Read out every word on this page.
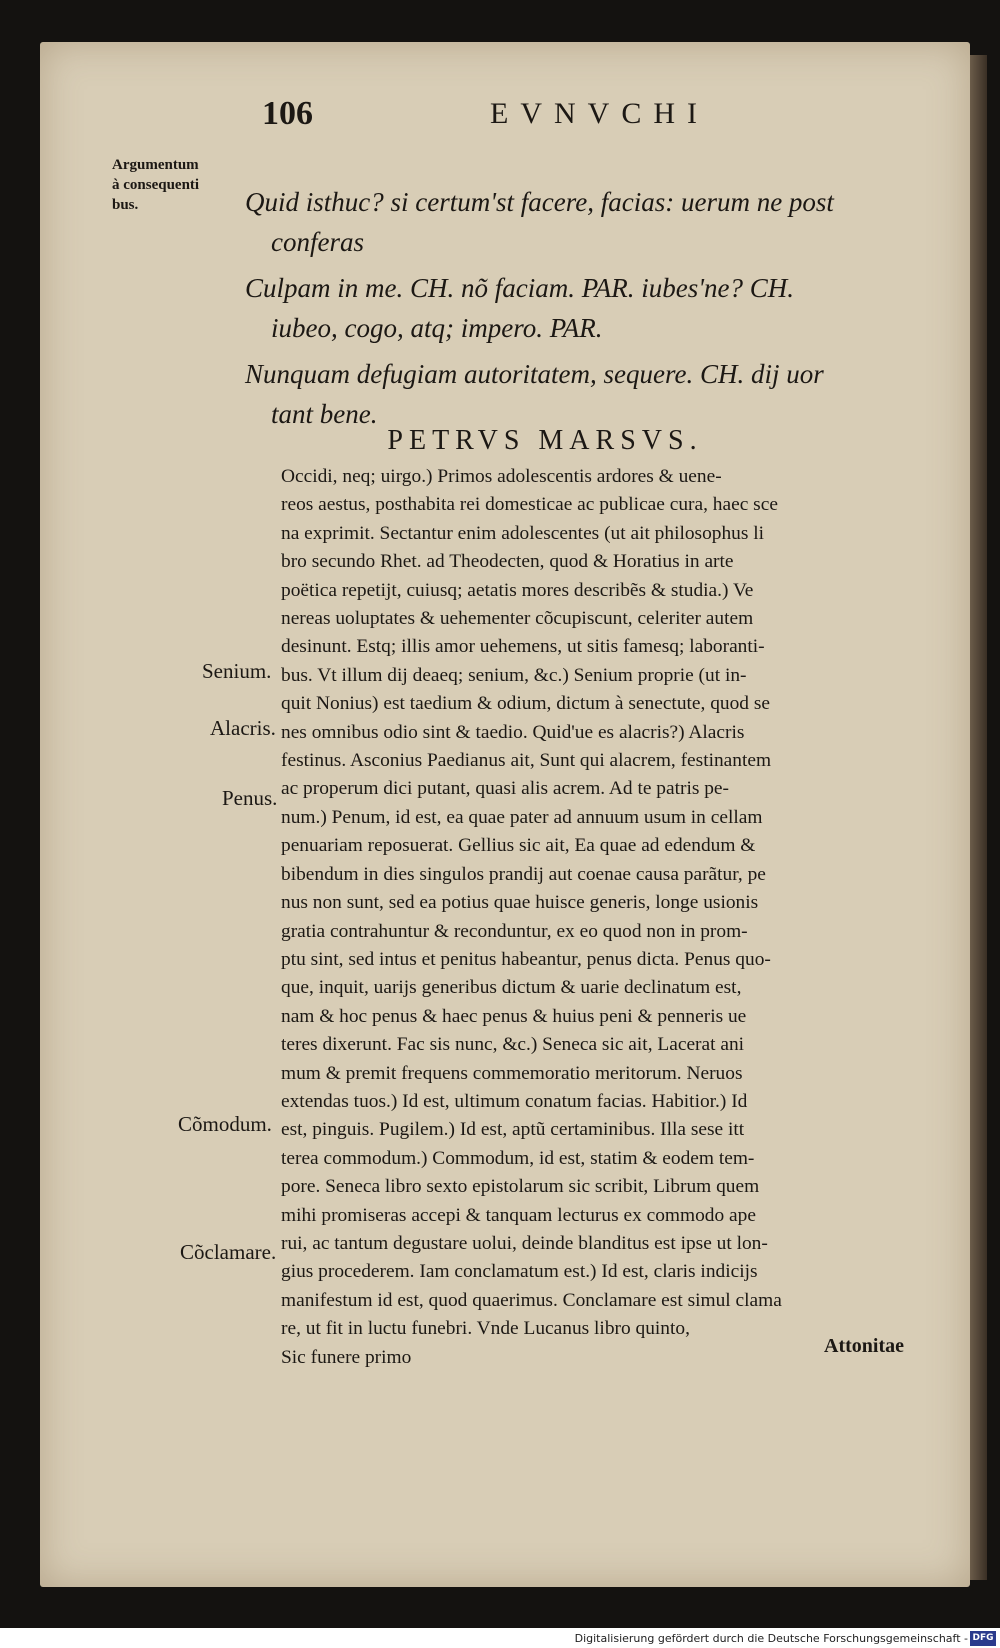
106	EVNVCHI
Argumentum
à consequenti
bus.	Quid isthuc? si certum'st facere, facias: uerum ne post
conferas
Culpam in me. CH. nõ faciam. PAR. iubes'ne? CH.
iubeo, cogo, atq; impero. PAR.
Nunquam defugiam autoritatem, sequere. CH. dij uor
tant bene.
PETRVS MARSVS.
Occidi, neq; uirgo.) Primos adolescentis ardores & uene-
reos aestus, posthabita rei domesticae ac publicae cura, haec sce
na exprimit. Sectantur enim adolescentes (ut ait philosophus li
bro secundo Rhet. ad Theodecten, quod & Horatius in arte
poëtica repetijt, cuiusq; aetatis mores describẽs & studia.) Ve
nereas uoluptates & uehementer cõcupiscunt, celeriter autem
desinunt. Estq; illis amor uehemens, ut sitis famesq; laboranti-
bus. Vt illum dij deaeq; senium, &c.) Senium proprie (ut in-
quit Nonius) est taedium & odium, dictum à senectute, quod se
nes omnibus odio sint & taedio. Quid'ue es alacris?) Alacris
festinus. Asconius Paedianus ait, Sunt qui alacrem, festinantem
ac properum dici putant, quasi alis acrem. Ad te patris pe-
num.) Penum, id est, ea quae pater ad annuum usum in cellam
penuariam reposuerat. Gellius sic ait, Ea quae ad edendum &
bibendum in dies singulos prandij aut coenae causa parãtur, pe
nus non sunt, sed ea potius quae huisce generis, longe usionis
gratia contrahuntur & reconduntur, ex eo quod non in prom-
ptu sint, sed intus et penitus habeantur, penus dicta. Penus quo-
que, inquit, uarijs generibus dictum & uarie declinatum est,
nam & hoc penus & haec penus & huius peni & penneris ue
teres dixerunt. Fac sis nunc, &c.) Seneca sic ait, Lacerat ani
mum & premit frequens commemoratio meritorum. Neruos
extendas tuos.) Id est, ultimum conatum facias. Habitior.) Id
est, pinguis. Pugilem.) Id est, aptũ certaminibus. Illa sese itt
terea commodum.) Commodum, id est, statim & eodem tem-
pore. Seneca libro sexto epistolarum sic scribit, Librum quem
mihi promiseras accepi & tanquam lecturus ex commodo ape
rui, ac tantum degustare uolui, deinde blanditus est ipse ut lon-
gius procederem. Iam conclamatum est.) Id est, claris indicijs
manifestum id est, quod quaerimus. Conclamare est simul clama
re, ut fit in luctu funebri. Vnde Lucanus libro quinto,
Sic funere primo
Senium.
Alacris.
Penus.
Cõmodum.
Cõclamare.
Attonitae
Digitalisierung gefördert durch die Deutsche Forschungsgemeinschaft - DFG
